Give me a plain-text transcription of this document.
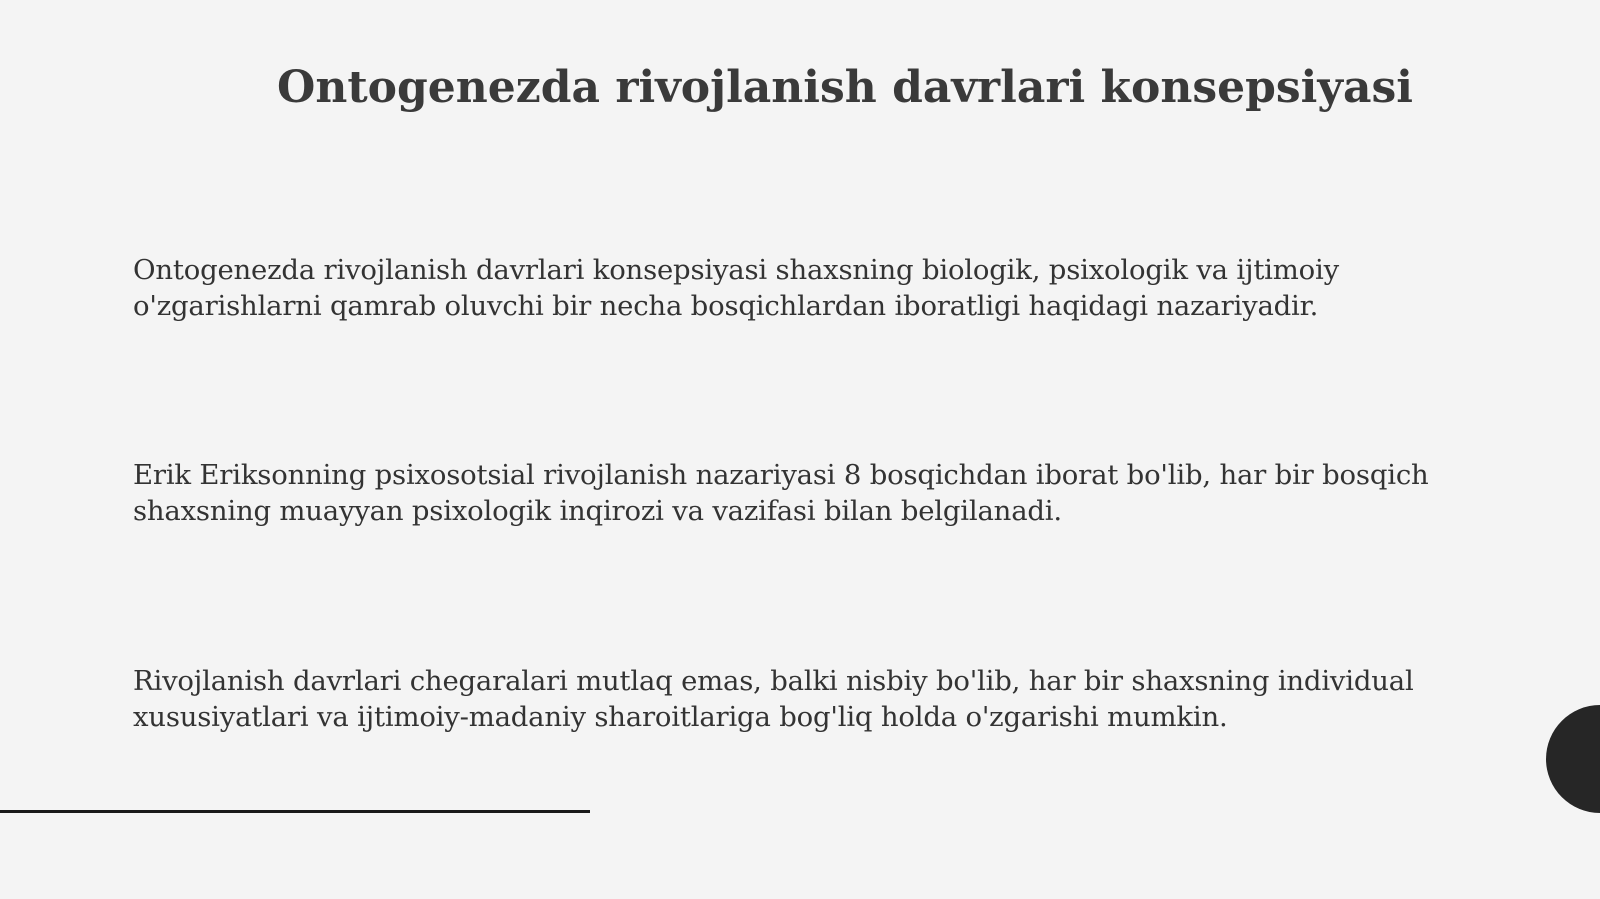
Ontogenezda rivojlanish davrlari konsepsiyasi

Ontogenezda rivojlanish davrlari konsepsiyasi shaxsning biologik, psixologik va ijtimoiy
o'zgarishlarni qamrab oluvchi bir necha bosqichlardan iboratligi haqidagi nazariyadir.

Erik Eriksonning psixosotsial rivojlanish nazariyasi 8 bosqichdan iborat bo'lib, har bir bosqich
shaxsning muayyan psixologik inqirozi va vazifasi bilan belgilanadi.

Rivojlanish davrlari chegaralari mutlaq emas, balki nisbiy bo'lib, har bir shaxsning individual
xususiyatlari va ijtimoiy-madaniy sharoitlariga bog'liq holda o'zgarishi mumkin.
